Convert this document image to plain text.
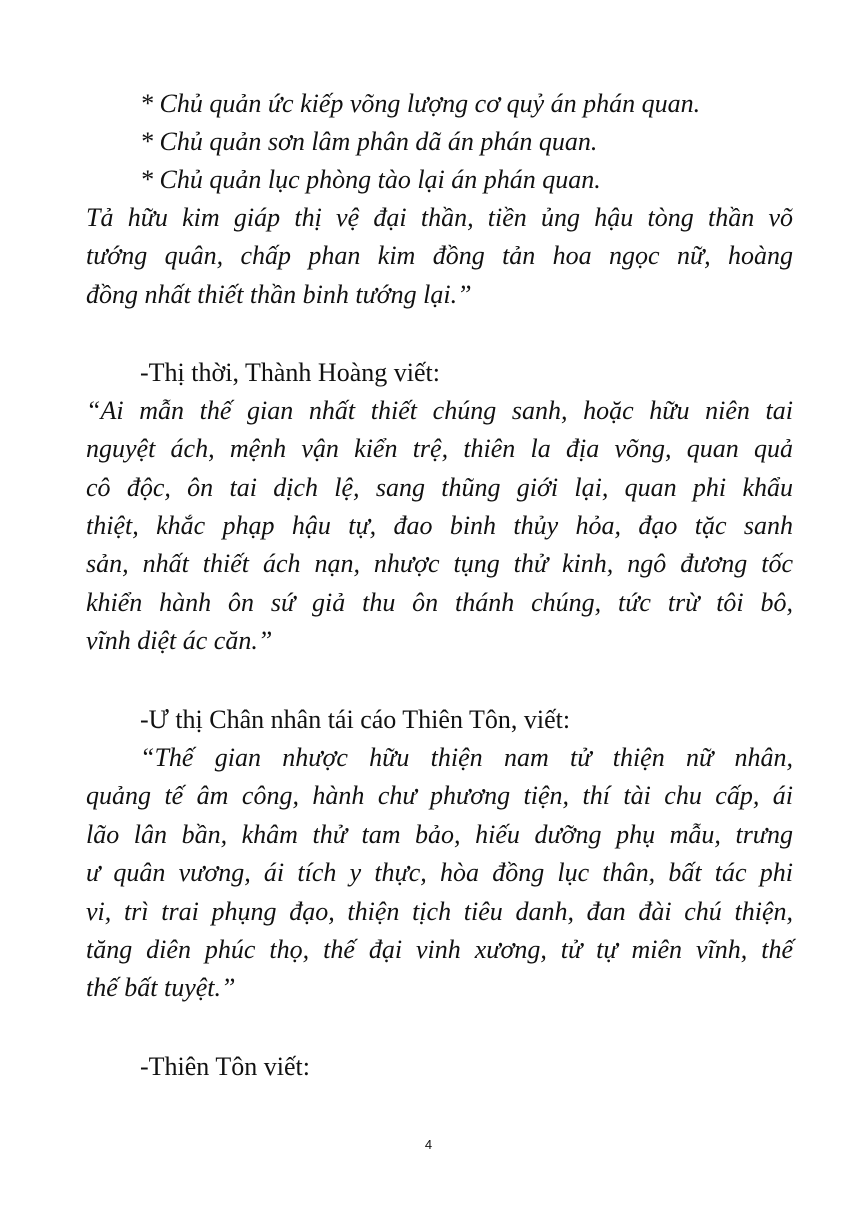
* Chủ quản ức kiếp võng lượng cơ quỷ án phán quan.
* Chủ quản sơn lâm phân dã án phán quan.
* Chủ quản lục phòng tào lại án phán quan.
Tả hữu kim giáp thị vệ đại thần, tiền ủng hậu tòng thần võ
tướng quân, chấp phan kim đồng tản hoa ngọc nữ, hoàng
đồng nhất thiết thần binh tướng lại.”
-Thị thời, Thành Hoàng viết:
“Ai mẫn thế gian nhất thiết chúng sanh, hoặc hữu niên tai
nguyệt ách, mệnh vận kiển trệ, thiên la địa võng, quan quả
cô độc, ôn tai dịch lệ, sang thũng giới lại, quan phi khẩu
thiệt, khắc phạp hậu tự, đao binh thủy hỏa, đạo tặc sanh
sản, nhất thiết ách nạn, nhược tụng thử kinh, ngô đương tốc
khiển hành ôn sứ giả thu ôn thánh chúng, tức trừ tôi bô,
vĩnh diệt ác căn.”
-Ư thị Chân nhân tái cáo Thiên Tôn, viết:
“Thế gian nhược hữu thiện nam tử thiện nữ nhân,
quảng tế âm công, hành chư phương tiện, thí tài chu cấp, ái
lão lân bần, khâm thử tam bảo, hiếu dưỡng phụ mẫu, trưng
ư quân vương, ái tích y thực, hòa đồng lục thân, bất tác phi
vi, trì trai phụng đạo, thiện tịch tiêu danh, đan đài chú thiện,
tăng diên phúc thọ, thế đại vinh xương, tử tự miên vĩnh, thế
thế bất tuyệt.”
-Thiên Tôn viết:
4
